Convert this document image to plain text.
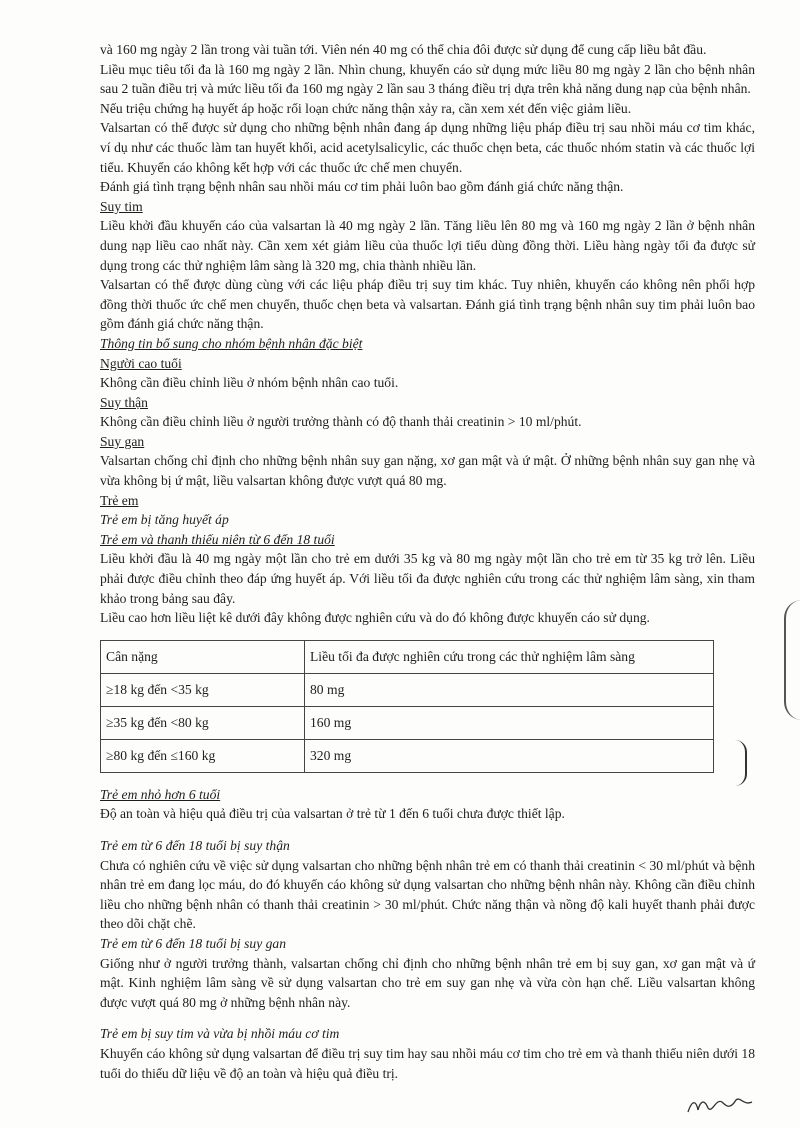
và 160 mg ngày 2 lần trong vài tuần tới. Viên nén 40 mg có thể chia đôi được sử dụng để cung cấp liều bắt đầu.

Liều mục tiêu tối đa là 160 mg ngày 2 lần. Nhìn chung, khuyến cáo sử dụng mức liều 80 mg ngày 2 lần cho bệnh nhân sau 2 tuần điều trị và mức liều tối đa 160 mg ngày 2 lần sau 3 tháng điều trị dựa trên khả năng dung nạp của bệnh nhân.

Nếu triệu chứng hạ huyết áp hoặc rối loạn chức năng thận xảy ra, cần xem xét đến việc giảm liều.

Valsartan có thể được sử dụng cho những bệnh nhân đang áp dụng những liệu pháp điều trị sau nhồi máu cơ tim khác, ví dụ như các thuốc làm tan huyết khối, acid acetylsalicylic, các thuốc chẹn beta, các thuốc nhóm statin và các thuốc lợi tiểu. Khuyến cáo không kết hợp với các thuốc ức chế men chuyển.

Đánh giá tình trạng bệnh nhân sau nhồi máu cơ tim phải luôn bao gồm đánh giá chức năng thận.

Suy tim

Liều khởi đầu khuyến cáo của valsartan là 40 mg ngày 2 lần. Tăng liều lên 80 mg và 160 mg ngày 2 lần ở bệnh nhân dung nạp liều cao nhất này. Cần xem xét giảm liều của thuốc lợi tiểu dùng đồng thời. Liều hàng ngày tối đa được sử dụng trong các thử nghiệm lâm sàng là 320 mg, chia thành nhiều lần.

Valsartan có thể được dùng cùng với các liệu pháp điều trị suy tim khác. Tuy nhiên, khuyến cáo không nên phối hợp đồng thời thuốc ức chế men chuyển, thuốc chẹn beta và valsartan. Đánh giá tình trạng bệnh nhân suy tim phải luôn bao gồm đánh giá chức năng thận.

Thông tin bổ sung cho nhóm bệnh nhân đặc biệt

Người cao tuổi

Không cần điều chỉnh liều ở nhóm bệnh nhân cao tuổi.

Suy thận

Không cần điều chỉnh liều ở người trưởng thành có độ thanh thải creatinin > 10 ml/phút.

Suy gan

Valsartan chống chỉ định cho những bệnh nhân suy gan nặng, xơ gan mật và ứ mật. Ở những bệnh nhân suy gan nhẹ và vừa không bị ứ mật, liều valsartan không được vượt quá 80 mg.

Trẻ em

Trẻ em bị tăng huyết áp

Trẻ em và thanh thiếu niên từ 6 đến 18 tuổi

Liều khởi đầu là 40 mg ngày một lần cho trẻ em dưới 35 kg và 80 mg ngày một lần cho trẻ em từ 35 kg trở lên. Liều phải được điều chỉnh theo đáp ứng huyết áp. Với liều tối đa được nghiên cứu trong các thử nghiệm lâm sàng, xin tham khảo trong bảng sau đây.

Liều cao hơn liều liệt kê dưới đây không được nghiên cứu và do đó không được khuyến cáo sử dụng.

Cân nặng	Liều tối đa được nghiên cứu trong các thử nghiệm lâm sàng
≥18 kg đến <35 kg	80 mg
≥35 kg đến <80 kg	160 mg
≥80 kg đến ≤160 kg	320 mg

Trẻ em nhỏ hơn 6 tuổi

Độ an toàn và hiệu quả điều trị của valsartan ở trẻ từ 1 đến 6 tuổi chưa được thiết lập.

Trẻ em từ 6 đến 18 tuổi bị suy thận

Chưa có nghiên cứu về việc sử dụng valsartan cho những bệnh nhân trẻ em có thanh thải creatinin < 30 ml/phút và bệnh nhân trẻ em đang lọc máu, do đó khuyến cáo không sử dụng valsartan cho những bệnh nhân này. Không cần điều chỉnh liều cho những bệnh nhân có thanh thải creatinin > 30 ml/phút. Chức năng thận và nồng độ kali huyết thanh phải được theo dõi chặt chẽ.

Trẻ em từ 6 đến 18 tuổi bị suy gan

Giống như ở người trưởng thành, valsartan chống chỉ định cho những bệnh nhân trẻ em bị suy gan, xơ gan mật và ứ mật. Kinh nghiệm lâm sàng về sử dụng valsartan cho trẻ em suy gan nhẹ và vừa còn hạn chế. Liều valsartan không được vượt quá 80 mg ở những bệnh nhân này.

Trẻ em bị suy tim và vừa bị nhồi máu cơ tim

Khuyến cáo không sử dụng valsartan để điều trị suy tim hay sau nhồi máu cơ tim cho trẻ em và thanh thiếu niên dưới 18 tuổi do thiếu dữ liệu về độ an toàn và hiệu quả điều trị.
